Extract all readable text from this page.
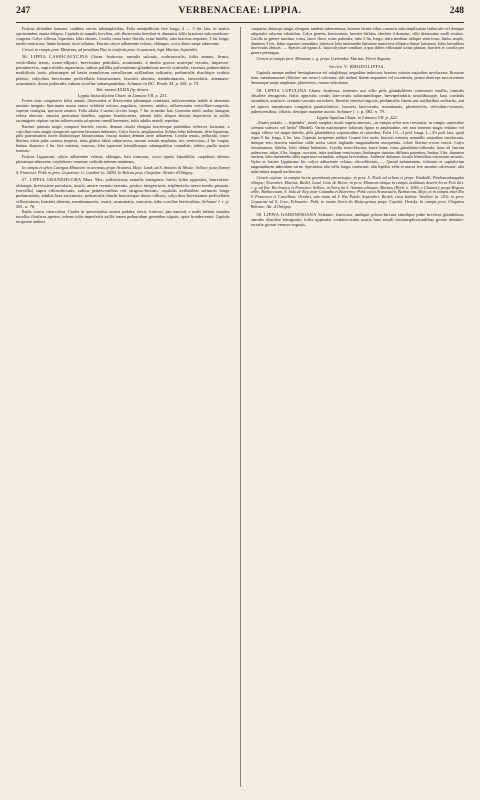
247	VERBENACEAE: LIPPIA.	248

Fructus altitudine humana, caulibus erectis subsimplicibus. Folia semipollicem fere longa, 4 — 5 lin. lata, in nostris specimimbus omnia delapsa. Capitula in ramulis brevibus, sub florescentia brevibus et diminutis foliis bracteata subcorymboso-congesta. Calyx villosus, bipartitus, lobis obtusis. Corolla rosea fauce flavida, extus hirtella; tubo bracteas aequante, 2 lin. longo, medio ventricoso; limbo lacinato, facie velutino. Fructus calyce adhaerente velatus, oblongus, cocco altero saepe tabescente.

Crescit in campis prov. Minarum, ad praedium Yha, in confiniis prov. Goyazensis, legit Martius, Septembri.

56. LIPPIA LASIOCALYCINA Cham. fruticosa; ramulis sulcatis, scabriusculis; foliis annuis, firmis, verticillatis ternis, ovato-elliptici, brevissime petiolatis, acuminatis, a medio grosse acuteque serratis, impresso-penninerviis, supra nitidis asperrimis, subtus pallidis pulverulento-glandulosis nervis scabridis; racemis pedunculatis multifloris laxis, plerumque ad basin ramulorum novellorum axillaribus solitariis; pedunculis rhachique scabris pilosis; calycibus brevissime pedicellatis hirsutissimis; bracteis alternis, membranaceis, lanceolatis, attenuato-acuminatis, dorso puberulis, tubum corollae subaequantibus. Schauer in DC. Prodr. XI. p. 581. n. 75.

Tab. nostra XXXIX fig. dextra.

Lippia lasiocalycina Cham. in Linnaea VII. p. 231.

Frutex inter congeneres foliis annuis, florescentia et florescentia plerumque coaetanea, inflorescentiae indole et aberrante maxime insignis. Specimina nostra ramos exhibent strictos, angulatos, cinereos, nitidos, inflorescentia verticillato-congestis, superne contiguis, speciosis ornatos. Folia adulta 3 uncias circiter longa, 7 lin. in medio lata. Germinis nitidi, nudae, lanugine velosa obtectae, ramulos protrudunt hirtellos, superne frondescentes, inferne foliis aliquot alternis imperfectis in axillis racemigeris stipitae; rarius inflorescentia ad apicem ramuli haerentes, foliis adultis mundi, reperitur.

Racemi primum magis compacti bracteis erectis, demum rhachi elongata bracteisque patentibus reflexive laxissimi, a calycibus nunc magis conspicuis speciem hirsutam induentes. Calyx brevis, ampliusculus, bifidus lobis bidentatis, dein bipartitus, pilis patentissimis roseis distinctisque hirsutissimus, fructui matura demum arcte adhaerens. Corolla tenuis, pellucida, rosea-lilacina, extus pube carnosa inspersa, intus glabra; tubus subincurvus, sursum sensim ampliatus, nec ventricosus, 4 lin. longus; limbus diametro 3 lin. fere metiens, venosus, lobo superiore lateralibusque subaequalibus rotundatis, infimo paullo majori truncato.

Fructus Lippiarum, calyce adhaerente velatus, oblongus, basi truncatus, cocco spurio bipartibilis; carpidium alterum plerumque tabescens; cotyledones carnosae; radicula inferum minimum.

In campis et sylvis Catingas Minarum: in arenosis prope Araxana, Mejo: Lund; ad S. Antonio de Monte: Sellow; juxta flumen S. Francisci: Pohl; in prov. Goyazensi: G. Gardner (n. 3405). In Bolivia prov. Chiquitos: Alcides d'Orbigny.

57. LIPPIA GRANDIFLORA Mart. Mss. suffruticosa; ramulis tetragonis, hirtis; foliis oppositis, lanceolato-oblongis, brevissime petiolatis, acutis, antice crenato-serratis, postice integerrimis, triplinerviis nervo medio pinnato, (novellis) supra villosohirsutis, subtus pubescentibus reti strigoso-hirsuto; capitulis axillaribus solitariis longe pedunculatis, adultis laxe racemosis; pedunculis rhachi bracteisque dorso villosis; calycibus brevissimis pedicellatis villosissimis; bracteis alternis, membranaceis, ovatis, acuminatis, concavis, tubo corollae brevioribus. Schauer l. c. p. 581. n. 76.

Radix crassa, tuberculosa. Caules in speciminibus nostris pedales, erecti, fruticosi, jam marcidi, e nodis infimis ramulos novellos floriferos agentes, inferne foliis imperfectis axillis tamen pedunculum gerentibus stipatis, apice frondescentes. Capitula incipiente anthesi

compacta, deinceps magis elongata, tandem subracemosa, bracteis ternae vilius concavis subcompilicatiae imbricatis vel denique subpatulis calycem velantibus. Calyx generis, brevissimus, breviter bifidus, obsolete 4-dentatus, villo densissimo molli vestitus. Corolla in genere maxima, rosea, fauce flava, extus puberula; tubo 5 lin. longo, infra medium obliquo ventricoso; limbo amplo, diametro 3 lin., labio superiori rotundato, inferiore lobo intermedio latissimo transverse elliptico lineae latissimo, lobis lateralibus lato-ovatis obtusis. — Species ad typum L. lasiocalycinae conditae, a qua differt villositate totius plantae, bracteis et corolla pro genere permagna.

Crescit in campis prov. Minarum, e. g. prope Contendas: Martius. Floret Augusto.

Sectio V. RHODOLIPPIA.

Capitula ineunte anthesi hemisphaerica vel subglobosa, aequaliter imbricata, bracteis extimis majoribus involucrata. Bracteae latae, membranaceae (lilacino- aut roseo-) coloratae, sub anthesi florem aequantes vel excedentes, postea deinceps succrescentes demumque saepe ampliatae, pluriserves, venoso-reticulatae.

58. LIPPIA LUPULINA Cham. fruticosa, tomento aut villo pilis glanduliferis commixto mollis; ramulis obsolete tetragonis; foliis oppositis ovatis late-ovatis subrotundisque, brevipetiolatis sessilibusque, basi cordatis rotundatis acutisve, crenato-serratis serrulave, lineatis venoso-rugosis; pedunculis firmis aut axillaribus solitariis, aut ad apices ramulorum congestis paniculatisve; bracteis lato-ovatis, acuminatis, plurinerviis, reticulato-venosis, pubescentibus, ciliatis, denique maxime auctis. Schauer l. c. p. 582. n. 79.

Lippia lupulina Cham. in Linnaea VII. p. 222.

„Frutex pedalis — tripedalis", modo simplex, modo supera ramosus, „in campis arbor non crescentis; in campis superstitue cremata sufrutex vel herba" (Riedel). Variat maximopere foliorum figura et amplitudine, nec non tomento magis velutino vel magis villoso vel magis hirtello, pilis glanduliferis copiosioribus et rarioribus. Folia 1½—3 poll. longa, 1—2½ poll. lata, quoli etiam 9 lin. longa, 6 lin. lata. Capitula incipiente anthesi Coneni fere mole, bracteis externis nonnullis majoribus involucrata, denique vero bracteis omnibus valde auctis suctis Juglandis magnitudinem assequentia, colore lilacino-croceo tinctis. Calyx hirsutissimus, bifidus, lobis obtuse bidentatis. Corolla roseo-lilacina, fauce lutea, extus glanduloso-villosula, intus ad faucem pubescens; tubus 4 lin. longus, curvatus, infra medium ventricosus; limbusque sinuatus diffusus patentius; limbus 3 lin. diametro metiens, lobo intermedio labii superioris rotundato, reliquis brevioribus. Antherae didymae, loculis liberalibus extrorsum arcuatis. Stylus et fructus Lippiarum; hic calyce adhaerente velatus, obcordiformis. — Quoad indumentum, foliorum et capitulorum magnitudinem admodum variat. Specimina alia villis longis canescunt; alia lepidiis velis et macra fere omnino calvescunt; alia pube tenera aequali mollescunt.

Crescit copiose in campis siccis graminosis petraeisque: in prov. S. Pauli ad urbem et prope Ytuaballi, Pindamonhangaba aliisque; Novembri: Martius, Riedel, Lund, Com. de Reven; in prov. Minarum ubique in campis ariditissis deserti Serra Frio dict. e. g. ad flor. Rio branco et Paracatu: Sellow; in Serra da S. Antonio aliisque: Martius (Herb. n. 1056, a Clausen); prope Registo velhe, Barbacenam, S. João de Rey, inter Caiambu et Barreiros: Pohl; circa Araracuara, Barbacena, Mejo, et in campis inter Rio S. Francisco et Curvellum; Octobri, tum etiam ad S. Rio Pardo, Septembri: Riedel; circa Itabira: Vauthier (n. 183); in prov. Goyazensi ad S. Cruz, Februario: Pohl; in monte Serra do Matto-grosso prope Cuyabá: Lhotsky. In campis prov. Chiquitos Boliviae: Alc. d'Orbigny.

59. LIPPIA GARDNERIANA Schauer: fruticosa, undique piloso-hirsuta simulque pube breviori glandulosa; ramulis obsolete tetragonis; foliis oppositis cordato-ovatis acutis basi sessili semiamplexicaulibus grosse dentato-serratis grosse venoso-rugosis,
